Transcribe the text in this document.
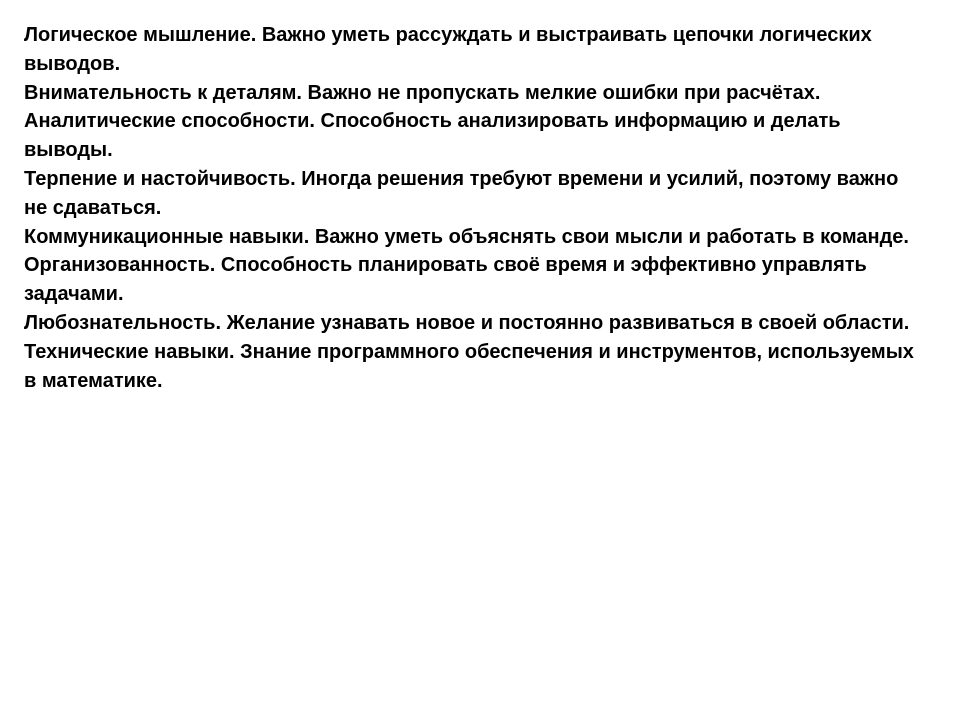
Логическое мышление. Важно уметь рассуждать и выстраивать цепочки логических выводов.

Внимательность к деталям. Важно не пропускать мелкие ошибки при расчётах.

Аналитические способности. Способность анализировать информацию и делать выводы.

Терпение и настойчивость. Иногда решения требуют времени и усилий, поэтому важно не сдаваться.

Коммуникационные навыки. Важно уметь объяснять свои мысли и работать в команде.

Организованность. Способность планировать своё время и эффективно управлять задачами.

Любознательность. Желание узнавать новое и постоянно развиваться в своей области.

Технические навыки. Знание программного обеспечения и инструментов, используемых в математике.
